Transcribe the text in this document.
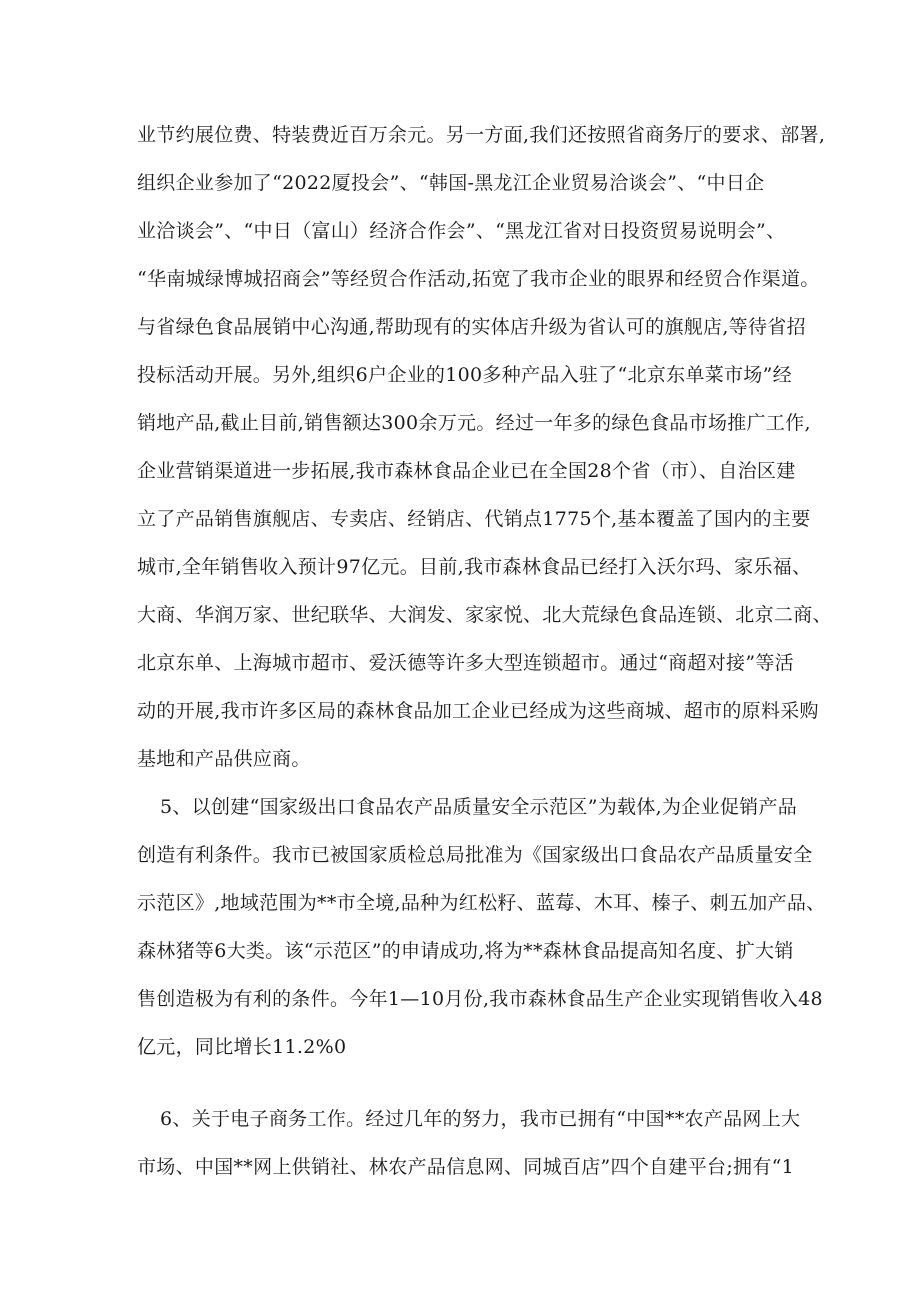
业节约展位费、特装费近百万余元。另一方面,我们还按照省商务厅的要求、部署,
组织企业参加了“2022厦投会”、“韩国-黑龙江企业贸易洽谈会”、“中日企
业洽谈会”、“中日（富山）经济合作会”、“黑龙江省对日投资贸易说明会”、
“华南城绿博城招商会”等经贸合作活动,拓宽了我市企业的眼界和经贸合作渠道。
与省绿色食品展销中心沟通,帮助现有的实体店升级为省认可的旗舰店,等待省招
投标活动开展。另外,组织6户企业的100多种产品入驻了“北京东单菜市场”经
销地产品,截止目前,销售额达300余万元。经过一年多的绿色食品市场推广工作,
企业营销渠道进一步拓展,我市森林食品企业已在全国28个省（市）、自治区建
立了产品销售旗舰店、专卖店、经销店、代销点1775个,基本覆盖了国内的主要
城市,全年销售收入预计97亿元。目前,我市森林食品已经打入沃尔玛、家乐福、
大商、华润万家、世纪联华、大润发、家家悦、北大荒绿色食品连锁、北京二商、
北京东单、上海城市超市、爱沃德等许多大型连锁超市。通过“商超对接”等活
动的开展,我市许多区局的森林食品加工企业已经成为这些商城、超市的原料采购
基地和产品供应商。
5、以创建“国家级出口食品农产品质量安全示范区”为载体,为企业促销产品
创造有利条件。我市已被国家质检总局批准为《国家级出口食品农产品质量安全
示范区》,地域范围为**市全境,品种为红松籽、蓝莓、木耳、榛子、刺五加产品、
森林猪等6大类。该“示范区”的申请成功,将为**森林食品提高知名度、扩大销
售创造极为有利的条件。今年1—10月份,我市森林食品生产企业实现销售收入48
亿元，同比增长11.2%0
6、关于电子商务工作。经过几年的努力，我市已拥有“中国**农产品网上大
市场、中国**网上供销社、林农产品信息网、同城百店”四个自建平台;拥有“1
